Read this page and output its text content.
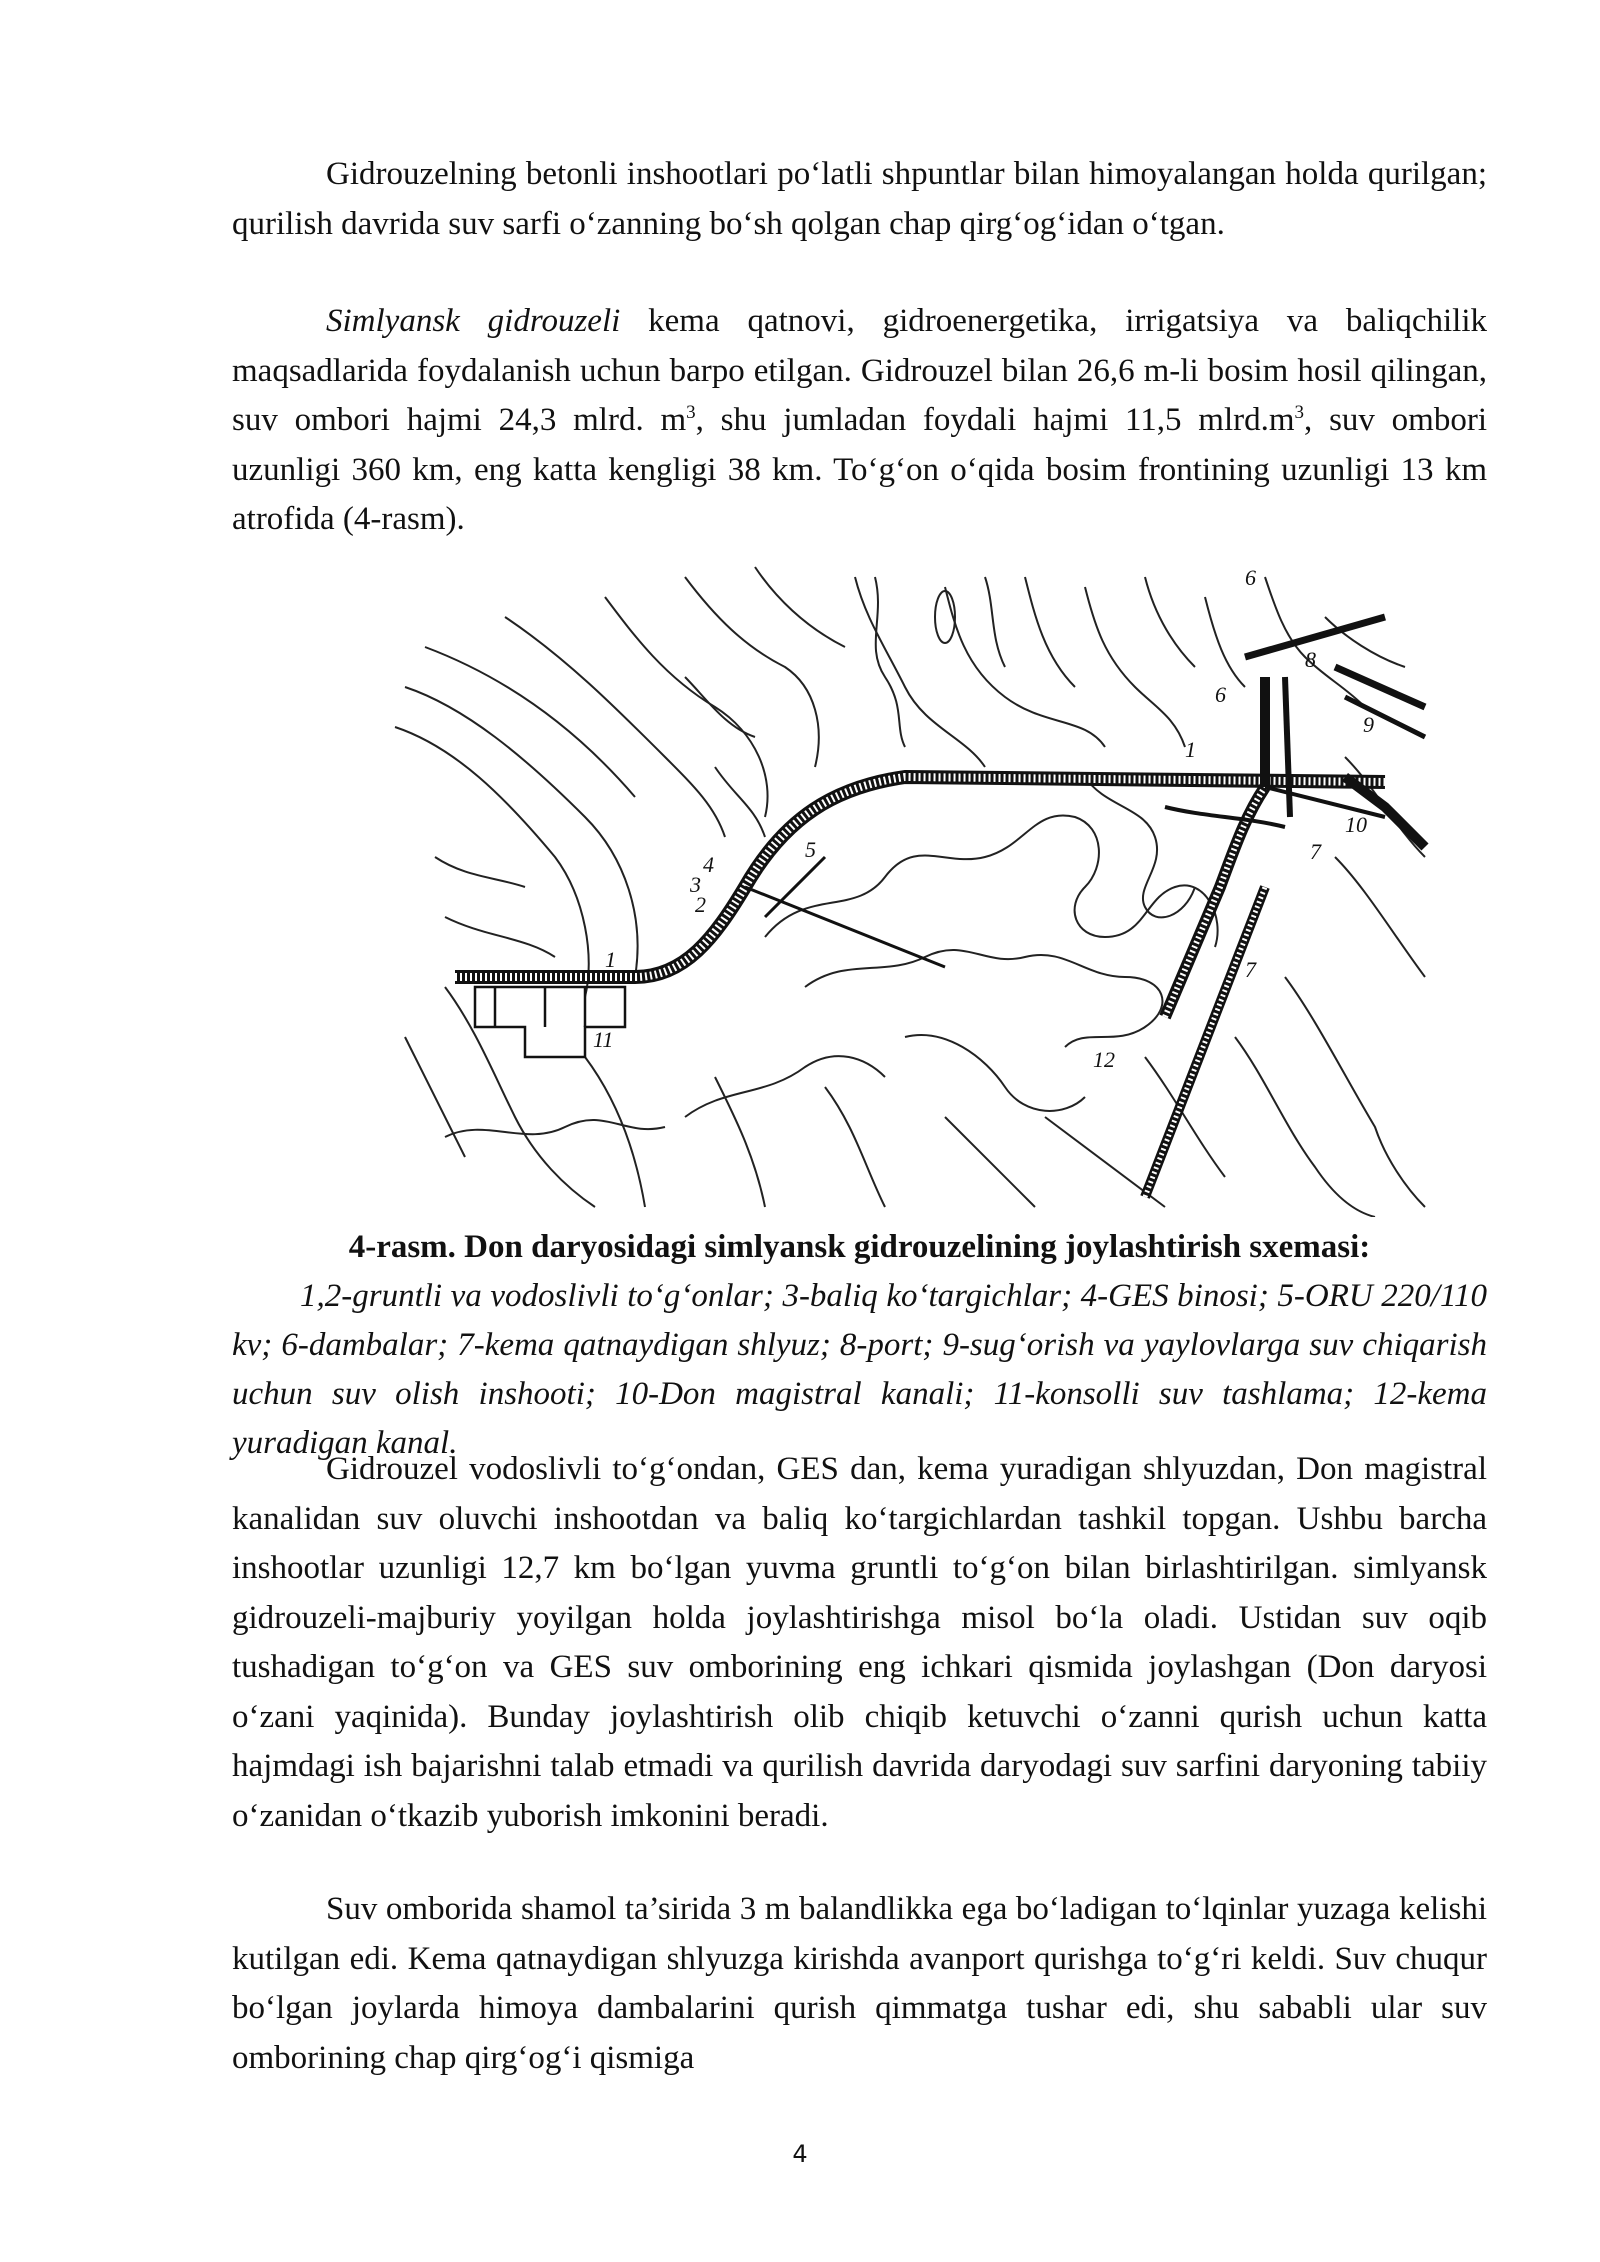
Gidrouzelning betonli inshootlari po‘latli shpuntlar bilan himoyalangan holda qurilgan; qurilish davrida suv sarfi o‘zanning bo‘sh qolgan chap qirg‘og‘idan o‘tgan.

Simlyansk gidrouzeli kema qatnovi, gidroenergetika, irrigatsiya va baliqchilik maqsadlarida foydalanish uchun barpo etilgan. Gidrouzel bilan 26,6 m-li bosim hosil qilingan, suv ombori hajmi 24,3 mlrd. $m^3$, shu jumladan foydali hajmi 11,5 $mlrd.m^3$, suv ombori uzunligi 360 km, eng katta kengligi 38 km. To‘g‘on o‘qida bosim frontining uzunligi 13 km atrofida (4-rasm).

1
2
3
4
5
6
6
7
7
8
9
10
11
12
1

4-rasm. Don daryosidagi simlyansk gidrouzelining joylashtirish sxemasi:

1,2-gruntli va vodoslivli to‘g‘onlar; 3-baliq ko‘targichlar; 4-GES binosi; 5-ORU 220/110 kv; 6-dambalar; 7-kema qatnaydigan shlyuz; 8-port; 9-sug‘orish va yaylovlarga suv chiqarish uchun suv olish inshooti; 10-Don magistral kanali; 11-konsolli suv tashlama; 12-kema yuradigan kanal.

Gidrouzel vodoslivli to‘g‘ondan, GES dan, kema yuradigan shlyuzdan, Don magistral kanalidan suv oluvchi inshootdan va baliq ko‘targichlardan tashkil topgan. Ushbu barcha inshootlar uzunligi 12,7 km bo‘lgan yuvma gruntli to‘g‘on bilan birlashtirilgan. simlyansk gidrouzeli-majburiy yoyilgan holda joylashtirishga misol bo‘la oladi. Ustidan suv oqib tushadigan to‘g‘on va GES suv omborining eng ichkari qismida joylashgan (Don daryosi o‘zani yaqinida). Bunday joylashtirish olib chiqib ketuvchi o‘zanni qurish uchun katta hajmdagi ish bajarishni talab etmadi va qurilish davrida daryodagi suv sarfini daryoning tabiiy o‘zanidan o‘tkazib yuborish imkonini beradi.

Suv omborida shamol ta’sirida 3 m balandlikka ega bo‘ladigan to‘lqinlar yuzaga kelishi kutilgan edi. Kema qatnaydigan shlyuzga kirishda avanport qurishga to‘g‘ri keldi. Suv chuqur bo‘lgan joylarda himoya dambalarini qurish qimmatga tushar edi, shu sababli ular suv omborining chap qirg‘og‘i qismiga

4
